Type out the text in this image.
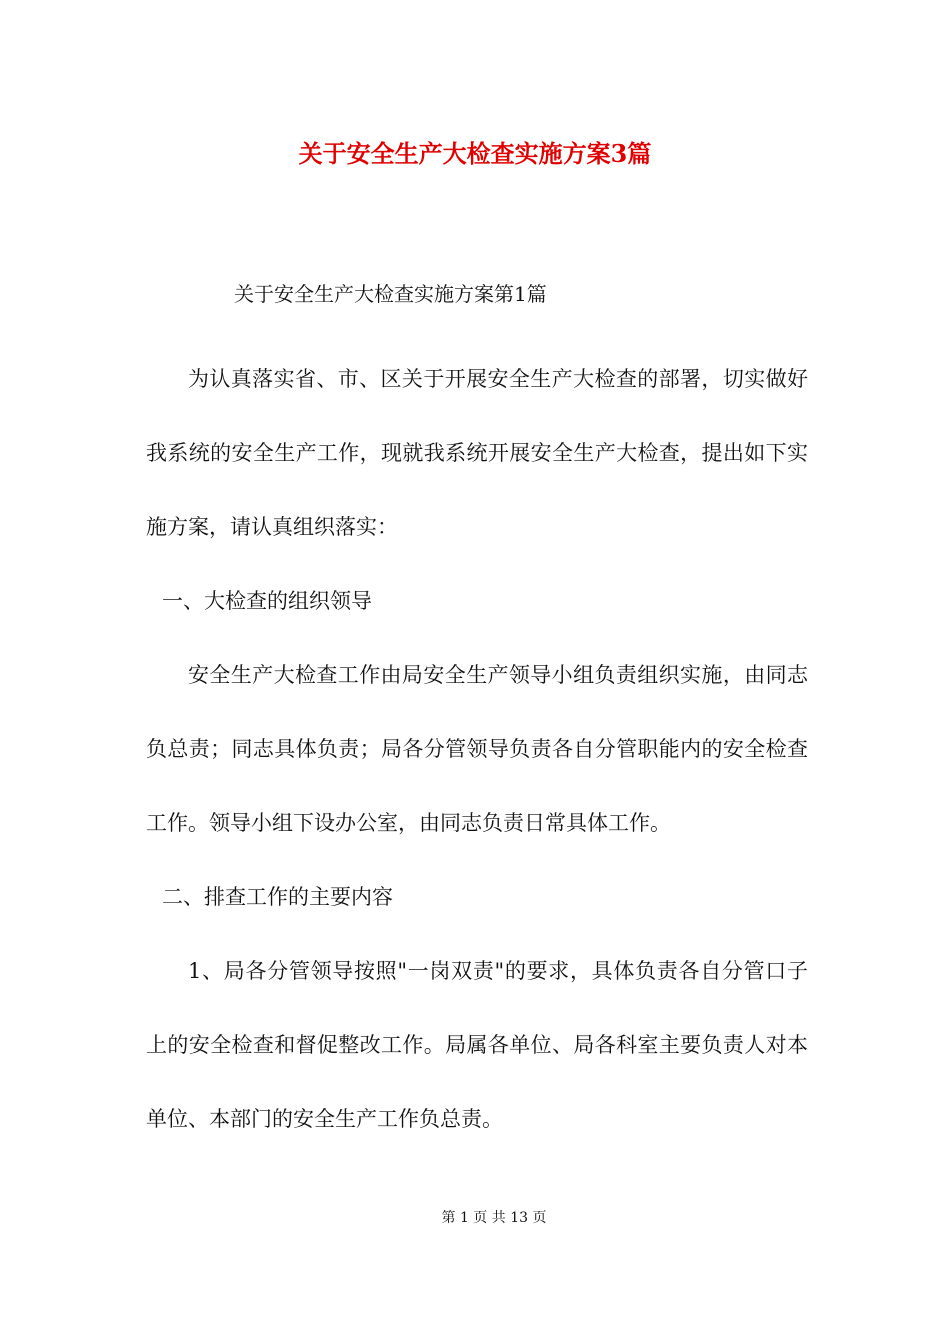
关于安全生产大检查实施方案3篇
关于安全生产大检查实施方案第1篇

为认真落实省、市、区关于开展安全生产大检查的部署，切实做好我系统的安全生产工作，现就我系统开展安全生产大检查，提出如下实施方案，请认真组织落实：

一、大检查的组织领导

安全生产大检查工作由局安全生产领导小组负责组织实施，由同志负总责；同志具体负责；局各分管领导负责各自分管职能内的安全检查工作。领导小组下设办公室，由同志负责日常具体工作。

二、排查工作的主要内容

1、局各分管领导按照"一岗双责"的要求，具体负责各自分管口子上的安全检查和督促整改工作。局属各单位、局各科室主要负责人对本单位、本部门的安全生产工作负总责。

第 1 页 共 13 页
